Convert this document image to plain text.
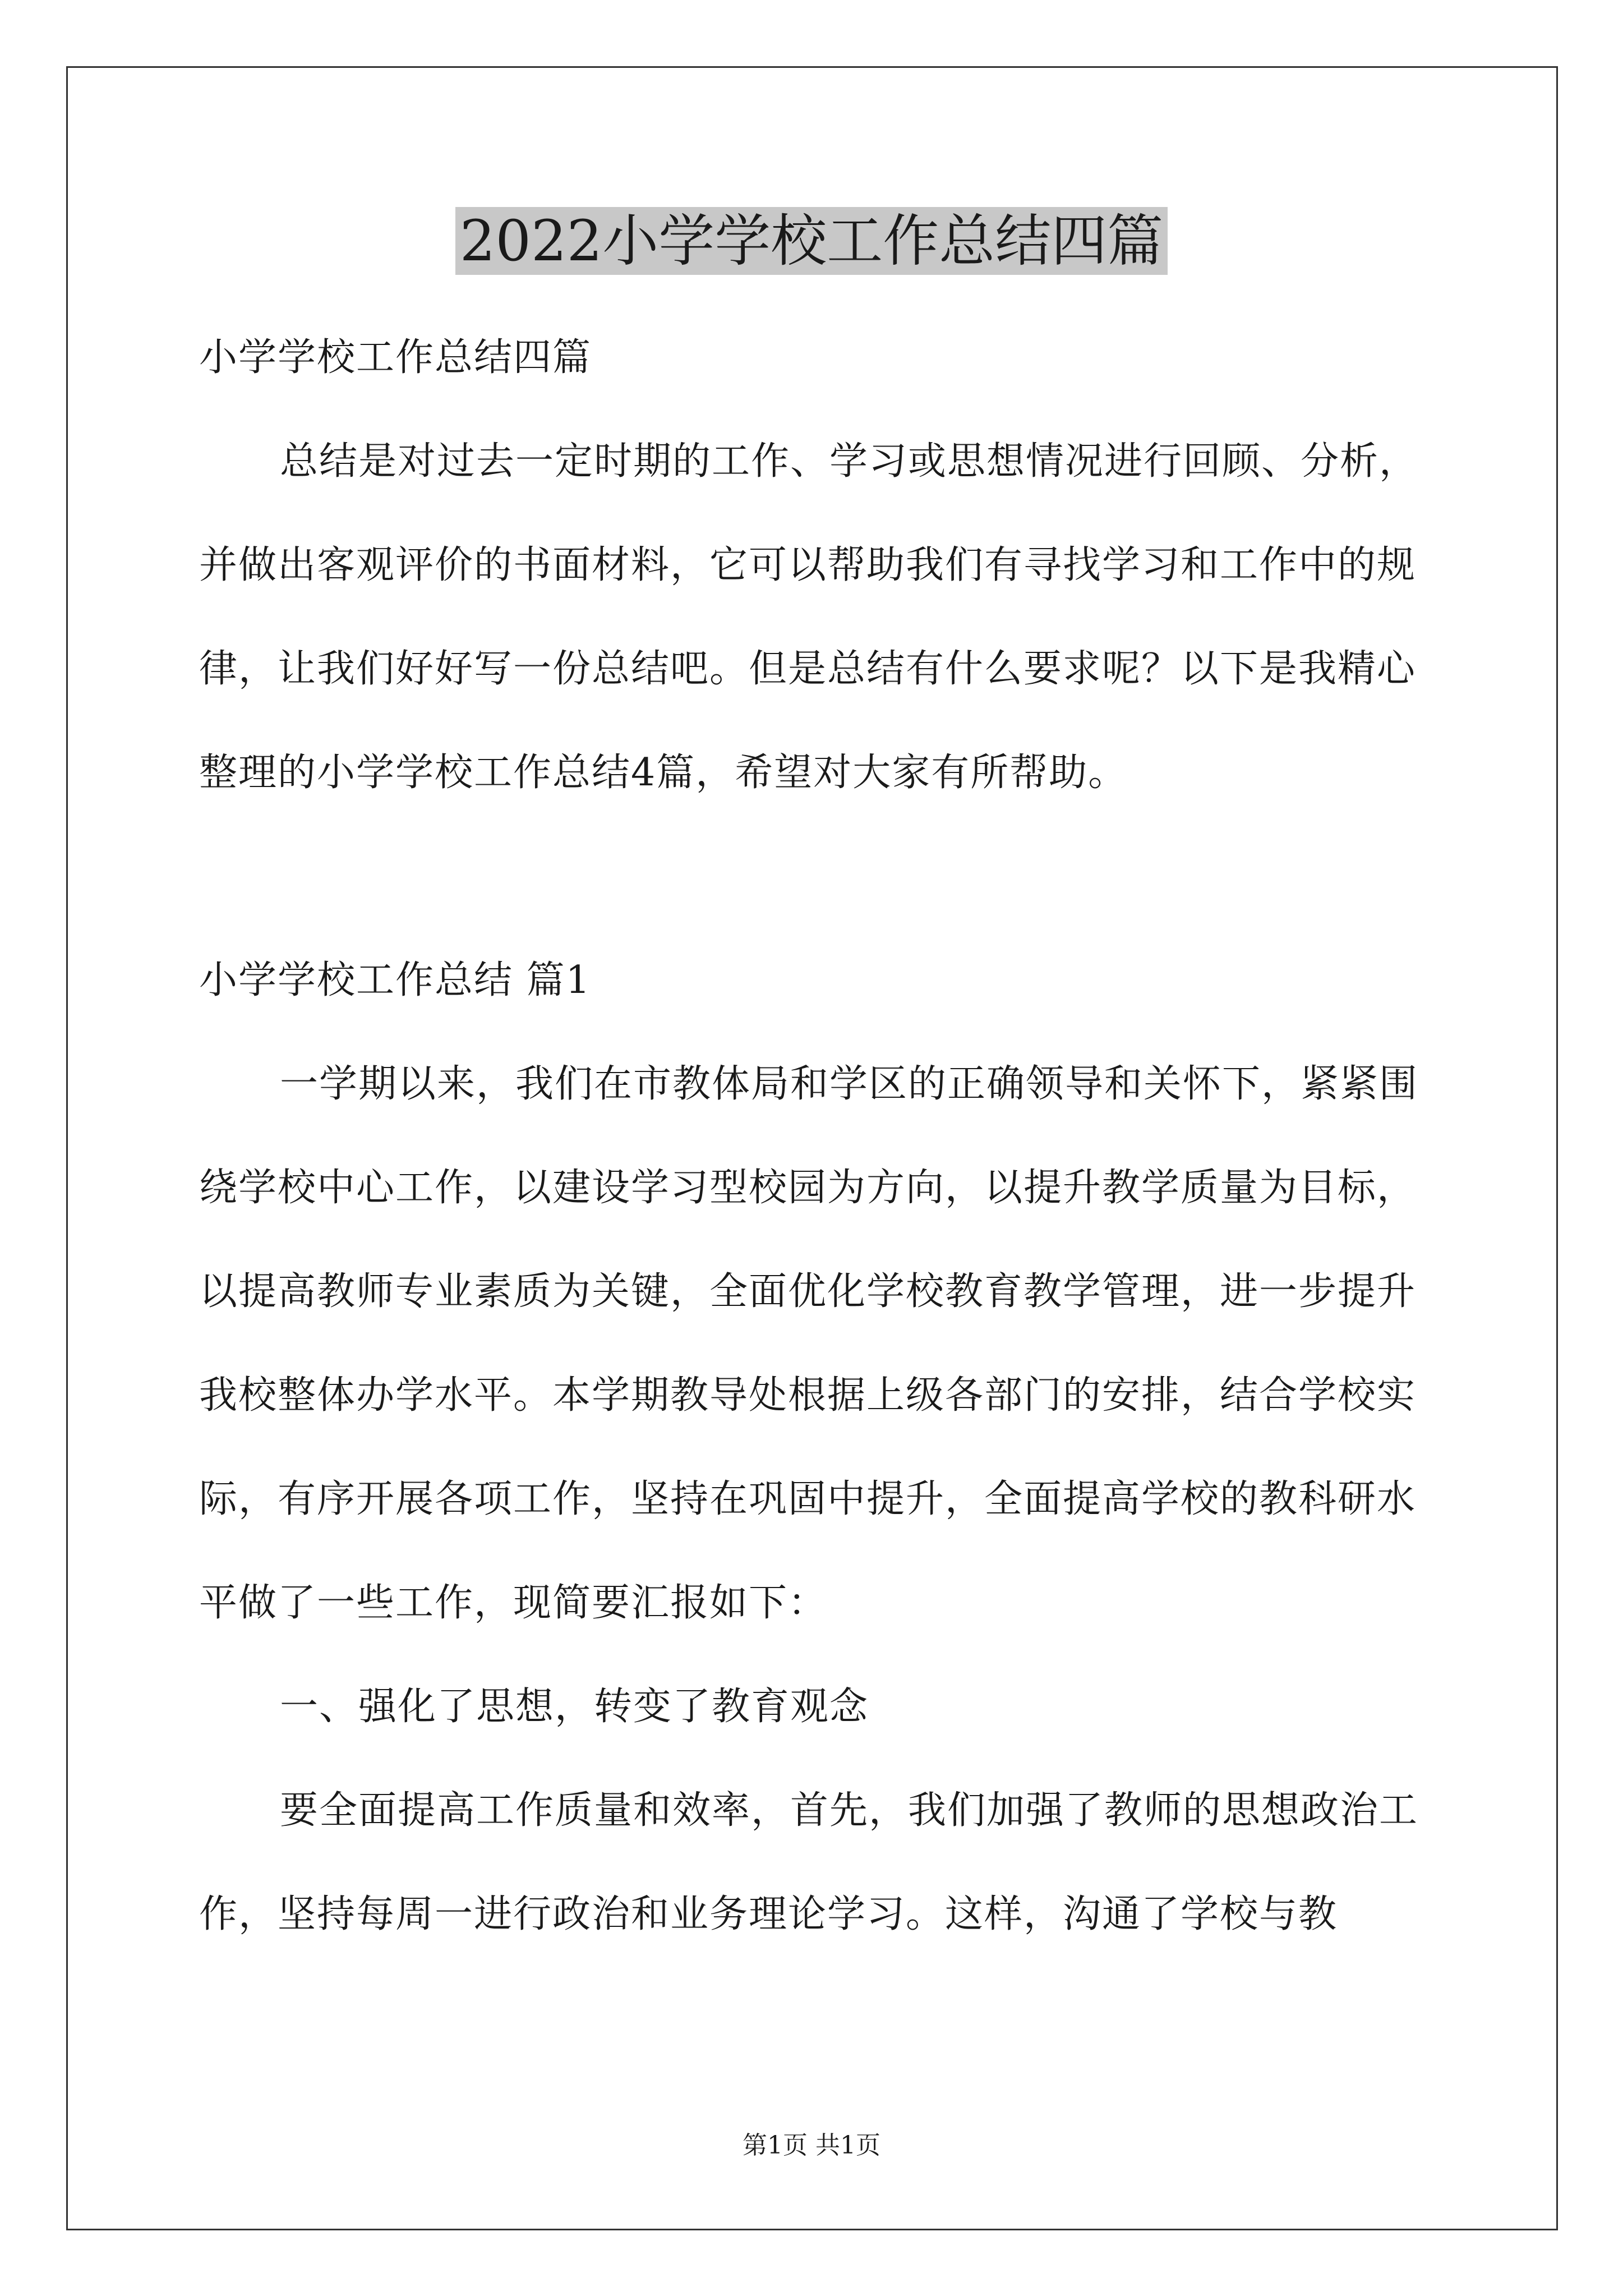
2022小学学校工作总结四篇

小学学校工作总结四篇

总结是对过去一定时期的工作、学习或思想情况进行回顾、分析，并做出客观评价的书面材料，它可以帮助我们有寻找学习和工作中的规律，让我们好好写一份总结吧。但是总结有什么要求呢？以下是我精心整理的小学学校工作总结4篇，希望对大家有所帮助。

小学学校工作总结 篇1

一学期以来，我们在市教体局和学区的正确领导和关怀下，紧紧围绕学校中心工作，以建设学习型校园为方向，以提升教学质量为目标，以提高教师专业素质为关键，全面优化学校教育教学管理，进一步提升我校整体办学水平。本学期教导处根据上级各部门的安排，结合学校实际，有序开展各项工作，坚持在巩固中提升，全面提高学校的教科研水平做了一些工作，现简要汇报如下：

一、强化了思想，转变了教育观念

要全面提高工作质量和效率，首先，我们加强了教师的思想政治工作，坚持每周一进行政治和业务理论学习。这样，沟通了学校与教

第1页 共1页
